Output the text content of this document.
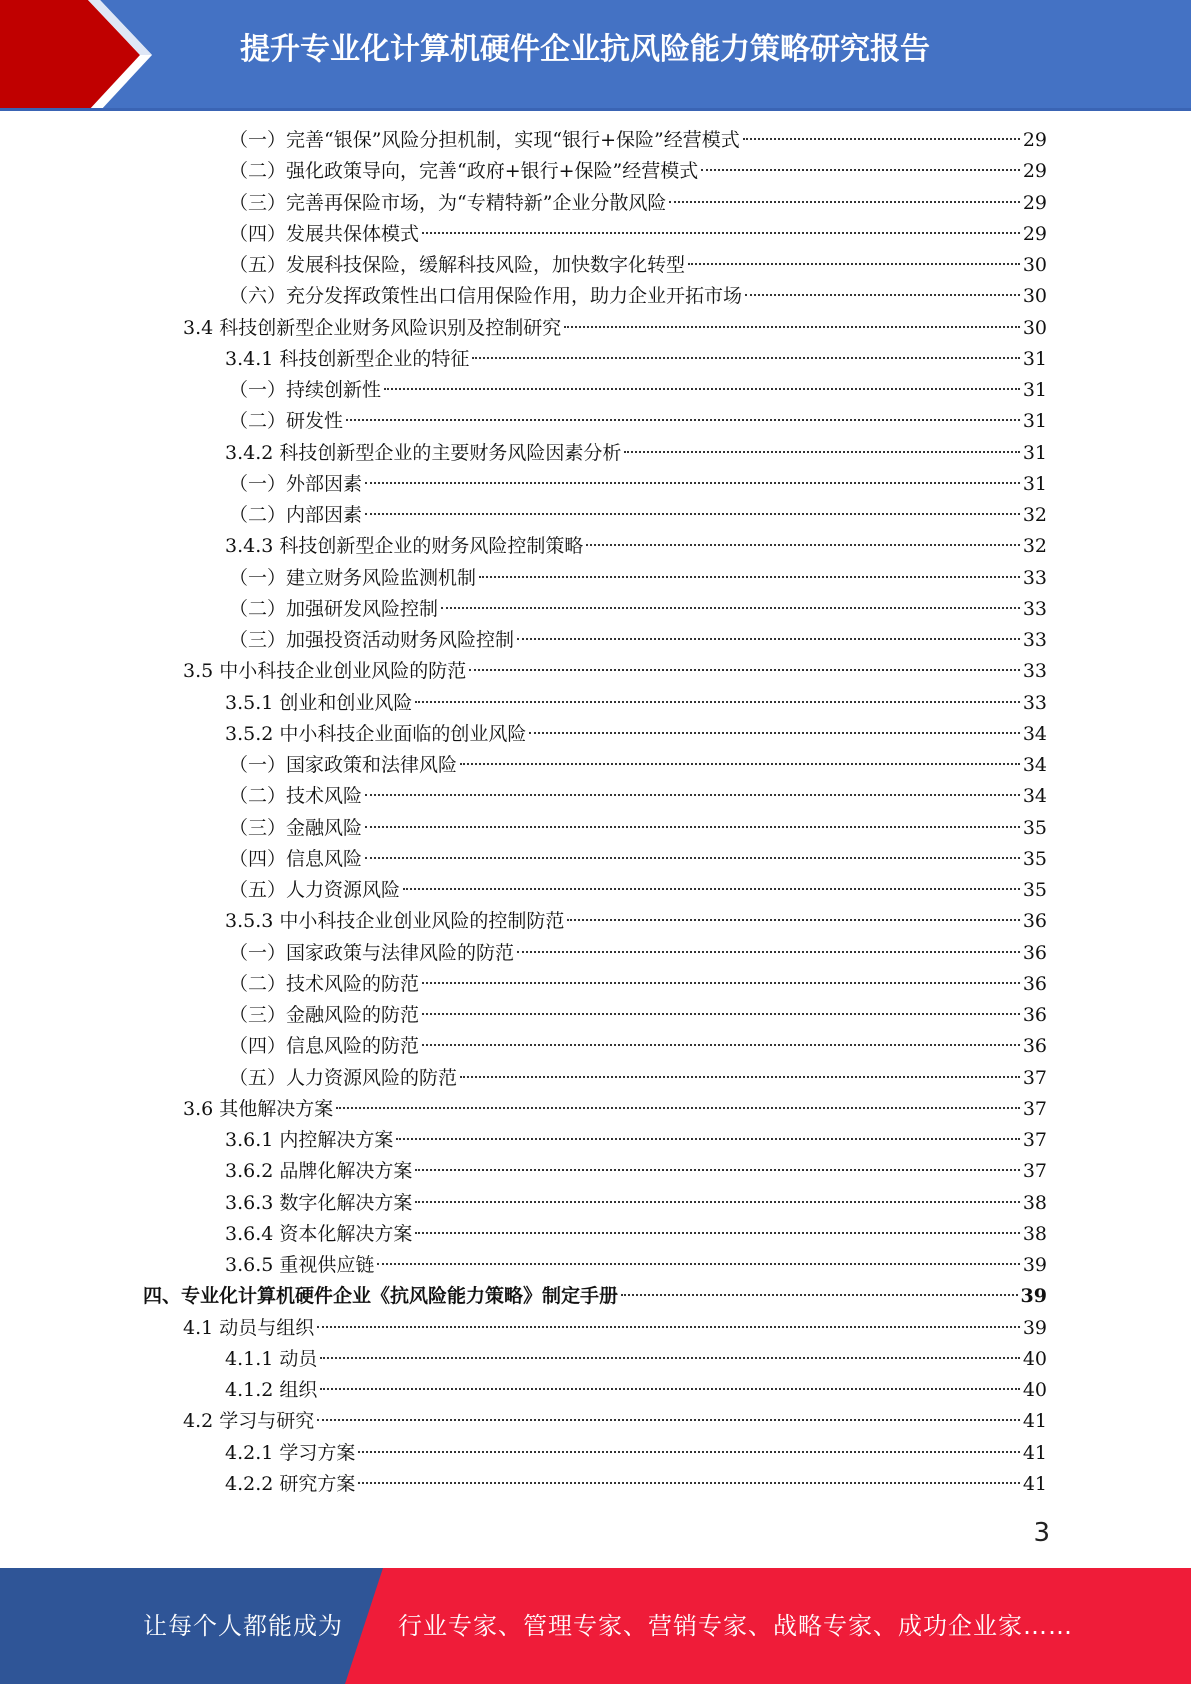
提升专业化计算机硬件企业抗风险能力策略研究报告
（一）完善“银保”风险分担机制，实现“银行+保险”经营模式	29
（二）强化政策导向，完善“政府+银行+保险”经营模式	29
（三）完善再保险市场，为“专精特新”企业分散风险	29
（四）发展共保体模式	29
（五）发展科技保险，缓解科技风险，加快数字化转型	30
（六）充分发挥政策性出口信用保险作用，助力企业开拓市场	30
3.4 科技创新型企业财务风险识别及控制研究	30
3.4.1 科技创新型企业的特征	31
（一）持续创新性	31
（二）研发性	31
3.4.2 科技创新型企业的主要财务风险因素分析	31
（一）外部因素	31
（二）内部因素	32
3.4.3 科技创新型企业的财务风险控制策略	32
（一）建立财务风险监测机制	33
（二）加强研发风险控制	33
（三）加强投资活动财务风险控制	33
3.5 中小科技企业创业风险的防范	33
3.5.1 创业和创业风险	33
3.5.2 中小科技企业面临的创业风险	34
（一）国家政策和法律风险	34
（二）技术风险	34
（三）金融风险	35
（四）信息风险	35
（五）人力资源风险	35
3.5.3 中小科技企业创业风险的控制防范	36
（一）国家政策与法律风险的防范	36
（二）技术风险的防范	36
（三）金融风险的防范	36
（四）信息风险的防范	36
（五）人力资源风险的防范	37
3.6 其他解决方案	37
3.6.1 内控解决方案	37
3.6.2 品牌化解决方案	37
3.6.3 数字化解决方案	38
3.6.4 资本化解决方案	38
3.6.5 重视供应链	39
四、专业化计算机硬件企业《抗风险能力策略》制定手册	39
4.1 动员与组织	39
4.1.1 动员	40
4.1.2 组织	40
4.2 学习与研究	41
4.2.1 学习方案	41
4.2.2 研究方案	41
3
让每个人都能成为 行业专家、管理专家、营销专家、战略专家、成功企业家……
